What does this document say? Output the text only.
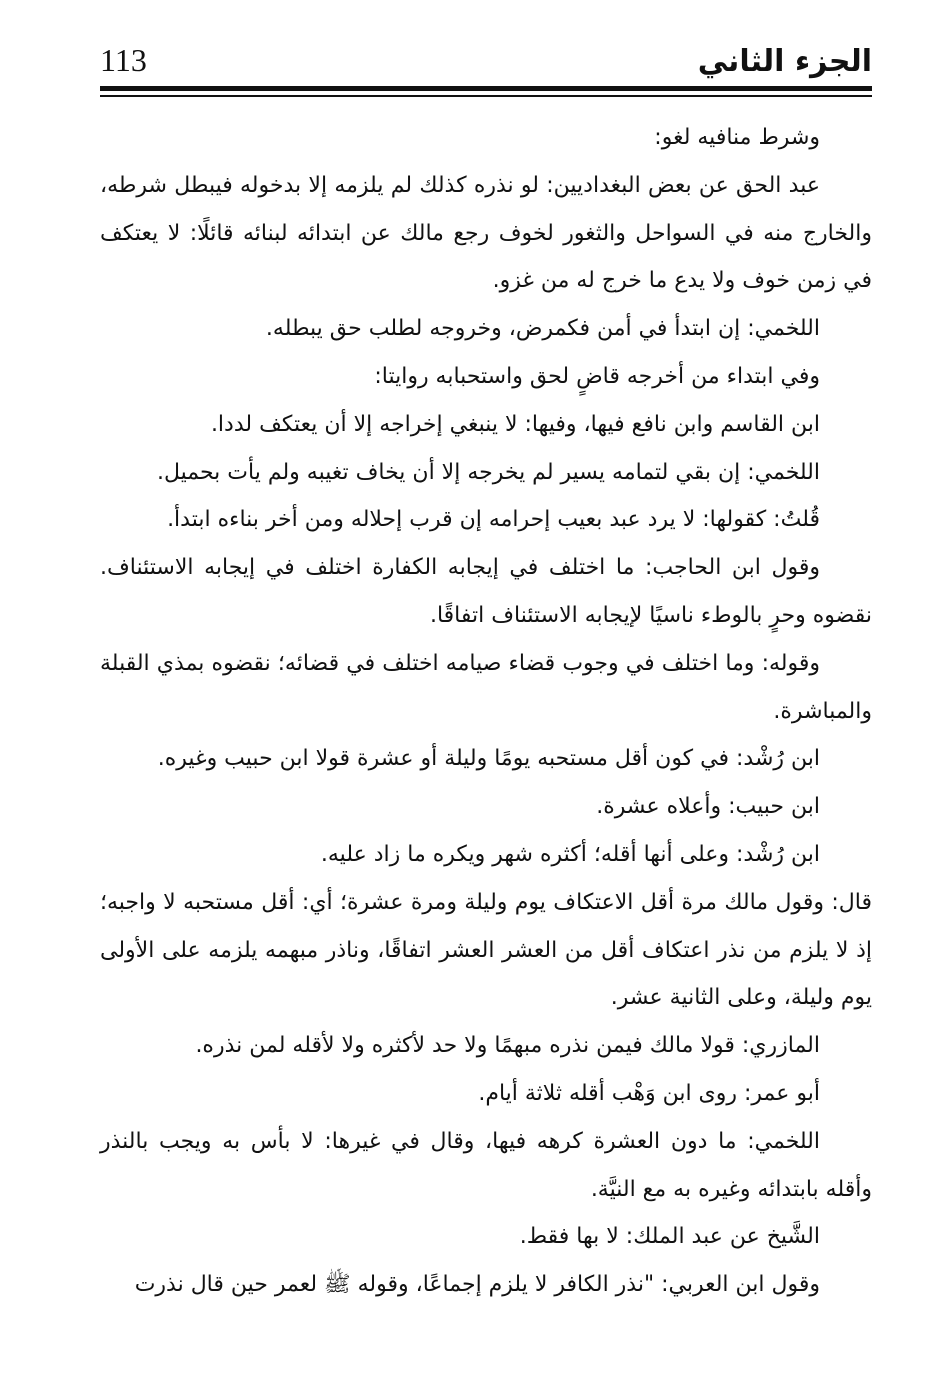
113	الجزء الثاني

وشرط منافيه لغو:

عبد الحق عن بعض البغداديين: لو نذره كذلك لم يلزمه إلا بدخوله فيبطل شرطه، والخارج منه في السواحل والثغور لخوف رجع مالك عن ابتدائه لبنائه قائلًا: لا يعتكف في زمن خوف ولا يدع ما خرج له من غزو.

اللخمي: إن ابتدأ في أمن فكمرض، وخروجه لطلب حق يبطله.

وفي ابتداء من أخرجه قاضٍ لحق واستحبابه روايتا:

ابن القاسم وابن نافع فيها، وفيها: لا ينبغي إخراجه إلا أن يعتكف لددا.

اللخمي: إن بقي لتمامه يسير لم يخرجه إلا أن يخاف تغيبه ولم يأت بحميل.

قُلتُ: كقولها: لا يرد عبد بعيب إحرامه إن قرب إحلاله ومن أخر بناءه ابتدأ.

وقول ابن الحاجب: ما اختلف في إيجابه الكفارة اختلف في إيجابه الاستئناف. نقضوه وحرٍ بالوطء ناسيًا لإيجابه الاستئناف اتفاقًا.

وقوله: وما اختلف في وجوب قضاء صيامه اختلف في قضائه؛ نقضوه بمذي القبلة والمباشرة.

ابن رُشْد: في كون أقل مستحبه يومًا وليلة أو عشرة قولا ابن حبيب وغيره.

ابن حبيب: وأعلاه عشرة.

ابن رُشْد: وعلى أنها أقله؛ أكثره شهر ويكره ما زاد عليه.

قال: وقول مالك مرة أقل الاعتكاف يوم وليلة ومرة عشرة؛ أي: أقل مستحبه لا واجبه؛ إذ لا يلزم من نذر اعتكاف أقل من العشر العشر اتفاقًا، وناذر مبهمه يلزمه على الأولى يوم وليلة، وعلى الثانية عشر.

المازري: قولا مالك فيمن نذره مبهمًا ولا حد لأكثره ولا لأقله لمن نذره.

أبو عمر: روى ابن وَهْب أقله ثلاثة أيام.

اللخمي: ما دون العشرة كرهه فيها، وقال في غيرها: لا بأس به ويجب بالنذر وأقله بابتدائه وغيره به مع النيَّة.

الشَّيخ عن عبد الملك: لا بها فقط.

وقول ابن العربي: "نذر الكافر لا يلزم إجماعًا، وقوله ﷺ لعمر حين قال نذرت
